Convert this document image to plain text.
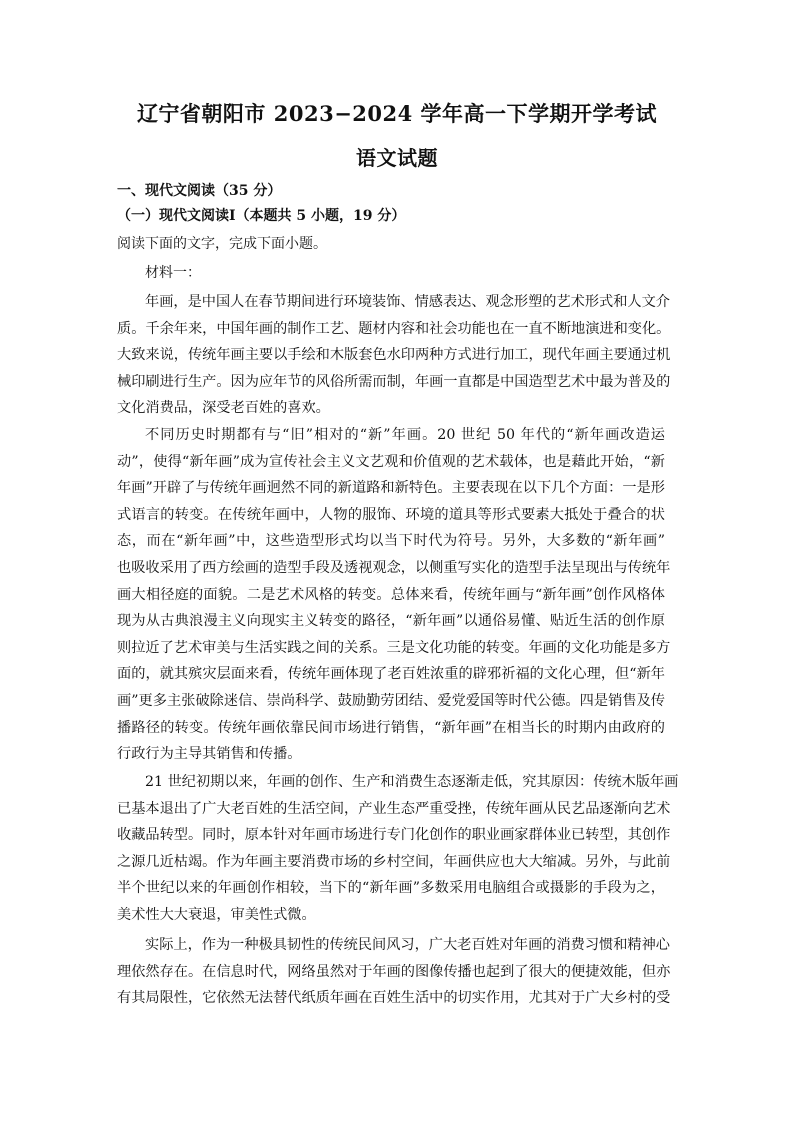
辽宁省朝阳市 2023−2024 学年高一下学期开学考试
语文试题
一、现代文阅读（35 分）
（一）现代文阅读Ⅰ（本题共 5 小题，19 分）
阅读下面的文字，完成下面小题。
材料一：
年画，是中国人在春节期间进行环境装饰、情感表达、观念形塑的艺术形式和人文介
质。千余年来，中国年画的制作工艺、题材内容和社会功能也在一直不断地演进和变化。
大致来说，传统年画主要以手绘和木版套色水印两种方式进行加工，现代年画主要通过机
械印刷进行生产。因为应年节的风俗所需而制，年画一直都是中国造型艺术中最为普及的
文化消费品，深受老百姓的喜欢。
不同历史时期都有与“旧”相对的“新”年画。20 世纪 50 年代的“新年画改造运
动”，使得“新年画”成为宣传社会主义文艺观和价值观的艺术载体，也是藉此开始，“新
年画”开辟了与传统年画迥然不同的新道路和新特色。主要表现在以下几个方面：一是形
式语言的转变。在传统年画中，人物的服饰、环境的道具等形式要素大抵处于叠合的状
态，而在“新年画”中，这些造型形式均以当下时代为符号。另外，大多数的“新年画”
也吸收采用了西方绘画的造型手段及透视观念，以侧重写实化的造型手法呈现出与传统年
画大相径庭的面貌。二是艺术风格的转变。总体来看，传统年画与“新年画”创作风格体
现为从古典浪漫主义向现实主义转变的路径，“新年画”以通俗易懂、贴近生活的创作原
则拉近了艺术审美与生活实践之间的关系。三是文化功能的转变。年画的文化功能是多方
面的，就其殡灾层面来看，传统年画体现了老百姓浓重的辟邪祈福的文化心理，但“新年
画”更多主张破除迷信、崇尚科学、鼓励勤劳团结、爱党爱国等时代公德。四是销售及传
播路径的转变。传统年画依靠民间市场进行销售，“新年画”在相当长的时期内由政府的
行政行为主导其销售和传播。
21 世纪初期以来，年画的创作、生产和消费生态逐渐走低，究其原因：传统木版年画
已基本退出了广大老百姓的生活空间，产业生态严重受挫，传统年画从民艺品逐渐向艺术
收藏品转型。同时，原本针对年画市场进行专门化创作的职业画家群体业已转型，其创作
之源几近枯竭。作为年画主要消费市场的乡村空间，年画供应也大大缩减。另外，与此前
半个世纪以来的年画创作相较，当下的“新年画”多数采用电脑组合或摄影的手段为之，
美术性大大衰退，审美性式微。
实际上，作为一种极具韧性的传统民间风习，广大老百姓对年画的消费习惯和精神心
理依然存在。在信息时代，网络虽然对于年画的图像传播也起到了很大的便捷效能，但亦
有其局限性，它依然无法替代纸质年画在百姓生活中的切实作用，尤其对于广大乡村的受
